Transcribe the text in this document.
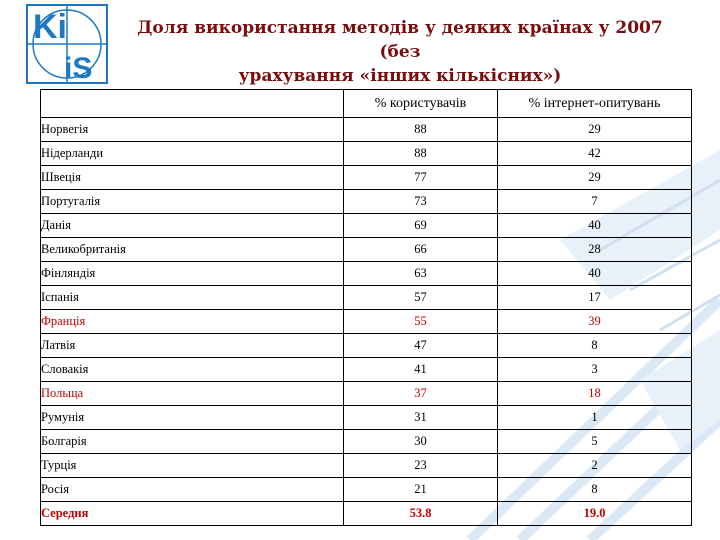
Ki
iS
Доля використання методів у деяких країнах у 2007 (без
урахування «інших кількісних»)
	% користувачів	% інтернет-опитувань
Норвегія	88	29
Нідерланди	88	42
Швеція	77	29
Португалія	73	7
Данія	69	40
Великобританія	66	28
Фінляндія	63	40
Іспанія	57	17
Франція	55	39
Латвія	47	8
Словакія	41	3
Польща	37	18
Румунія	31	1
Болгарія	30	5
Турція	23	2
Росія	21	8
Середня	53.8	19.0
